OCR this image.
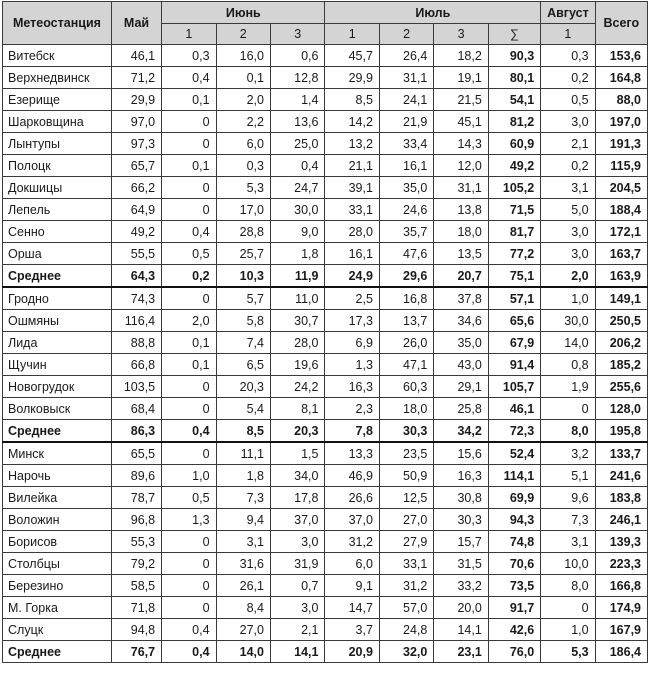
Метеостанция	Май	Июнь			Июль				Август	Всего
		1	2	3	1	2	3	∑	1	
Витебск	46,1	0,3	16,0	0,6	45,7	26,4	18,2	90,3	0,3	153,6
Верхнедвинск	71,2	0,4	0,1	12,8	29,9	31,1	19,1	80,1	0,2	164,8
Езерище	29,9	0,1	2,0	1,4	8,5	24,1	21,5	54,1	0,5	88,0
Шарковщина	97,0	0	2,2	13,6	14,2	21,9	45,1	81,2	3,0	197,0
Лынтупы	97,3	0	6,0	25,0	13,2	33,4	14,3	60,9	2,1	191,3
Полоцк	65,7	0,1	0,3	0,4	21,1	16,1	12,0	49,2	0,2	115,9
Докшицы	66,2	0	5,3	24,7	39,1	35,0	31,1	105,2	3,1	204,5
Лепель	64,9	0	17,0	30,0	33,1	24,6	13,8	71,5	5,0	188,4
Сенно	49,2	0,4	28,8	9,0	28,0	35,7	18,0	81,7	3,0	172,1
Орша	55,5	0,5	25,7	1,8	16,1	47,6	13,5	77,2	3,0	163,7
Среднее	64,3	0,2	10,3	11,9	24,9	29,6	20,7	75,1	2,0	163,9
Гродно	74,3	0	5,7	11,0	2,5	16,8	37,8	57,1	1,0	149,1
Ошмяны	116,4	2,0	5,8	30,7	17,3	13,7	34,6	65,6	30,0	250,5
Лида	88,8	0,1	7,4	28,0	6,9	26,0	35,0	67,9	14,0	206,2
Щучин	66,8	0,1	6,5	19,6	1,3	47,1	43,0	91,4	0,8	185,2
Новогрудок	103,5	0	20,3	24,2	16,3	60,3	29,1	105,7	1,9	255,6
Волковыск	68,4	0	5,4	8,1	2,3	18,0	25,8	46,1	0	128,0
Среднее	86,3	0,4	8,5	20,3	7,8	30,3	34,2	72,3	8,0	195,8
Минск	65,5	0	11,1	1,5	13,3	23,5	15,6	52,4	3,2	133,7
Нарочь	89,6	1,0	1,8	34,0	46,9	50,9	16,3	114,1	5,1	241,6
Вилейка	78,7	0,5	7,3	17,8	26,6	12,5	30,8	69,9	9,6	183,8
Воложин	96,8	1,3	9,4	37,0	37,0	27,0	30,3	94,3	7,3	246,1
Борисов	55,3	0	3,1	3,0	31,2	27,9	15,7	74,8	3,1	139,3
Столбцы	79,2	0	31,6	31,9	6,0	33,1	31,5	70,6	10,0	223,3
Березино	58,5	0	26,1	0,7	9,1	31,2	33,2	73,5	8,0	166,8
М. Горка	71,8	0	8,4	3,0	14,7	57,0	20,0	91,7	0	174,9
Слуцк	94,8	0,4	27,0	2,1	3,7	24,8	14,1	42,6	1,0	167,9
Среднее	76,7	0,4	14,0	14,1	20,9	32,0	23,1	76,0	5,3	186,4
